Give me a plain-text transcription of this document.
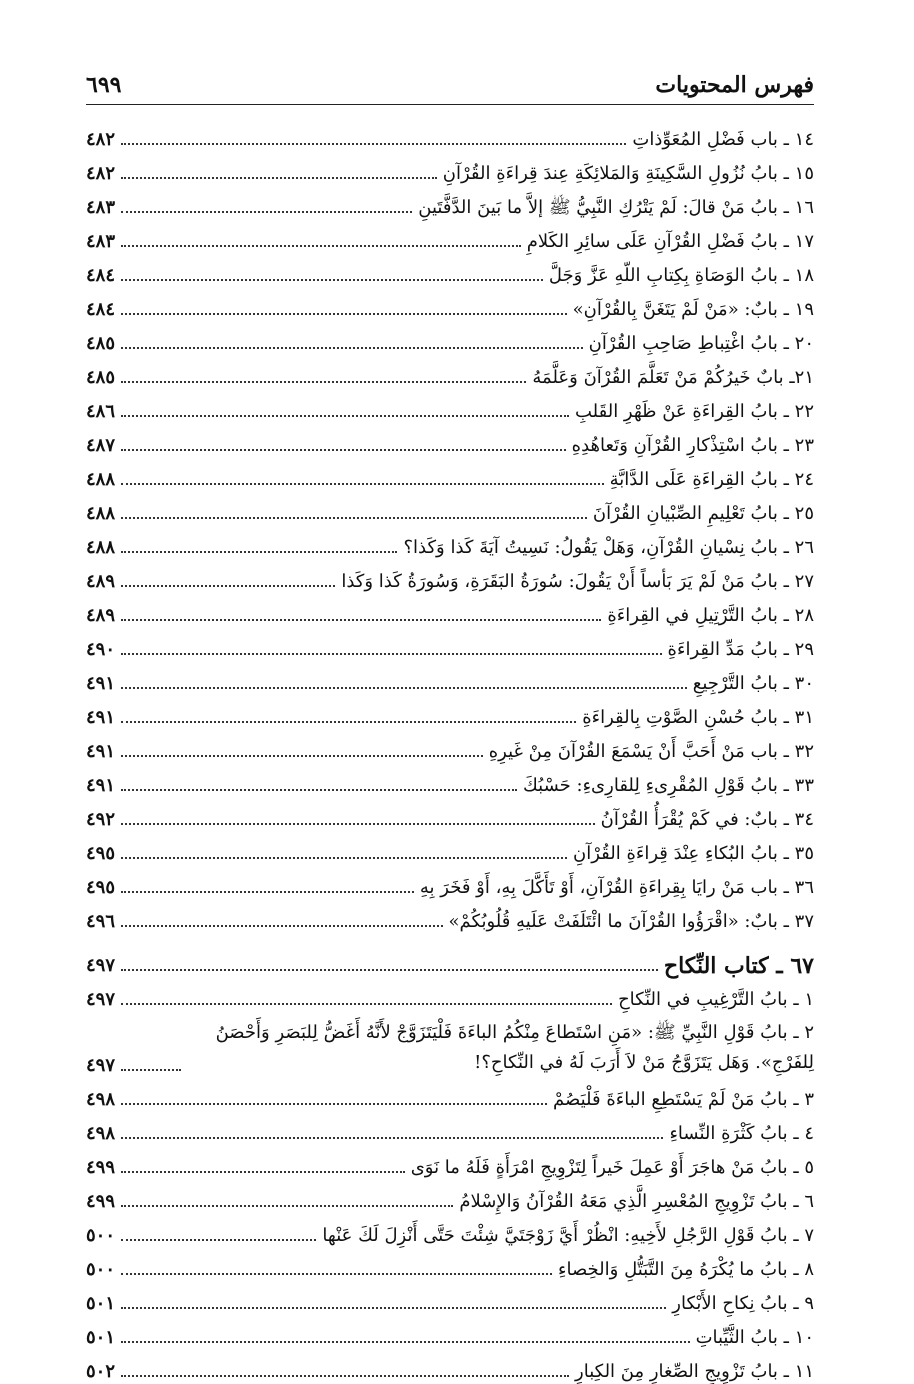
فهرس المحتويات
٦٩٩
١٤ ـ باب فَضْلِ المُعَوِّذاتِ
٤٨٢
١٥ ـ بابُ نُزُولِ السَّكِينَةِ وَالمَلائِكَةِ عِندَ قِراءَةِ القُرْآنِ
٤٨٢
١٦ ـ بابُ مَنْ قالَ: لَمْ يَتْرُكِ النَّبِيُّ ﷺ إلاَّ ما بَينَ الدَّفَّتَينِ
٤٨٣
١٧ ـ بابُ فَضْلِ القُرْآنِ عَلَى سائِرِ الكَلامِ
٤٨٣
١٨ ـ بابُ الوَصَاةِ بِكِتابِ اللّهِ عَزَّ وَجَلَّ
٤٨٤
١٩ ـ بابٌ: «مَنْ لَمْ يَتَغَنَّ بِالقُرْآنِ»
٤٨٤
٢٠ ـ بابُ اغْتِباطِ صَاحِبِ القُرْآنِ
٤٨٥
٢١ـ بابٌ خَيرُكُمْ مَنْ تَعَلَّمَ القُرْآنَ وَعَلَّمَهُ
٤٨٥
٢٢ ـ بابُ القِراءَةِ عَنْ ظَهْرِ القَلبِ
٤٨٦
٢٣ ـ بابُ اسْتِذْكارِ القُرْآنِ وَتَعاهُدِهِ
٤٨٧
٢٤ ـ بابُ القِراءَةِ عَلَى الدَّابَّةِ
٤٨٨
٢٥ ـ بابُ تَعْلِيمِ الصِّبْيانِ القُرْآنَ
٤٨٨
٢٦ ـ بابُ نِسْيانِ القُرْآنِ، وَهَلْ يَقُولُ: نَسِيتُ آيَةَ كَذا وَكَذا؟
٤٨٨
٢٧ ـ بابُ مَنْ لَمْ يَرَ بَأساً أَنْ يَقُولَ: سُورَةُ البَقَرَةِ، وَسُورَةُ كَذا وَكَذا
٤٨٩
٢٨ ـ بابُ التَّرْتِيلِ في القِراءَةِ
٤٨٩
٢٩ ـ بابُ مَدِّ القِراءَةِ
٤٩٠
٣٠ ـ بابُ التَّرْجِيعِ
٤٩١
٣١ ـ بابُ حُسْنِ الصَّوْتِ بِالقِراءَةِ
٤٩١
٣٢ ـ باب مَنْ أَحَبَّ أَنْ يَسْمَعَ القُرْآنَ مِنْ غَيرِهِ
٤٩١
٣٣ ـ بابُ قَوْلِ المُقْرِىءِ لِلقارِىءِ: حَسْبُكَ
٤٩١
٣٤ ـ بابٌ: في كَمْ يُقْرَأُ القُرْآنُ
٤٩٢
٣٥ ـ بابُ البُكاءِ عِنْدَ قِراءَةِ القُرْآنِ
٤٩٥
٣٦ ـ باب مَنْ رايَا بِقِراءَةِ القُرْآنِ، أَوْ تَأَكَّلَ بِهِ، أَوْ فَخَرَ بِهِ
٤٩٥
٣٧ ـ بابٌ: «اقْرَؤُوا القُرْآنَ ما ائْتَلَفَتْ عَلَيهِ قُلُوبُكُمْ»
٤٩٦
٦٧ ـ كتاب النِّكاح
٤٩٧
١ ـ بابُ التَّرْغِيبِ في النِّكاحِ
٤٩٧
٢ ـ بابُ قَوْلِ النَّبِيِّ ﷺ: «مَنِ اسْتَطاعَ مِنْكُمُ الباءَةَ فَلْيَتَزَوَّجْ لأَنَّهُ أَغَضُّ لِلبَصَرِ وَأَحْصَنُ لِلفَرْجِ». وَهَل يَتَزَوَّجُ مَنْ لاَ أَرَبَ لَهُ في النِّكاحِ؟!
٤٩٧
٣ ـ بابُ مَنْ لَمْ يَسْتَطِعِ الباءَةَ فَلْيَصُمْ
٤٩٨
٤ ـ بابُ كَثْرَةِ النِّساءِ
٤٩٨
٥ ـ بابُ مَنْ هاجَرَ أَوْ عَمِلَ خَيراً لِتَزْوِيجِ امْرَأَةٍ فَلَهُ ما نَوَى
٤٩٩
٦ ـ بابُ تَزْوِيجِ المُعْسِرِ الَّذِي مَعَهُ القُرْآنُ وَالإِسْلامُ
٤٩٩
٧ ـ بابُ قَوْلِ الرَّجُلِ لأَخِيهِ: انْظُرْ أَيَّ زَوْجَتَيَّ شِئْتَ حَتَّى أَنْزِلَ لَكَ عَنْها
٥٠٠
٨ ـ بابُ ما يُكْرَهُ مِنَ التَّبَتُّلِ وَالخِصاءِ
٥٠٠
٩ ـ بابُ نِكاحِ الأَبْكارِ
٥٠١
١٠ ـ بابُ الثَّيِّباتِ
٥٠١
١١ ـ بابُ تَزْوِيجِ الصِّغارِ مِنَ الكِبارِ
٥٠٢
